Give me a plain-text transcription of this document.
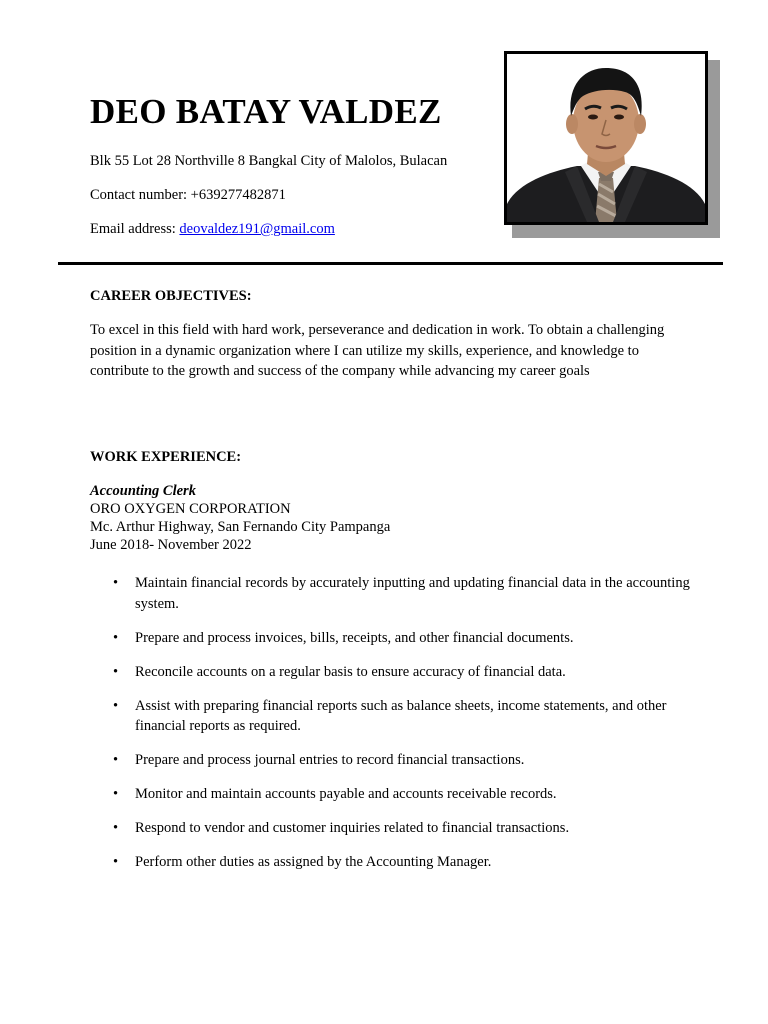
DEO BATAY VALDEZ
Blk 55 Lot 28 Northville 8 Bangkal City of Malolos, Bulacan
Contact number: +639277482871
Email address: deovaldez191@gmail.com
CAREER OBJECTIVES:
To excel in this field with hard work, perseverance and dedication in work. To obtain a challenging position in a dynamic organization where I can utilize my skills, experience, and knowledge to contribute to the growth and success of the company while advancing my career goals
WORK EXPERIENCE:
Accounting Clerk
ORO OXYGEN CORPORATION
Mc. Arthur Highway, San Fernando City Pampanga
June 2018- November 2022
• Maintain financial records by accurately inputting and updating financial data in the accounting system.
• Prepare and process invoices, bills, receipts, and other financial documents.
• Reconcile accounts on a regular basis to ensure accuracy of financial data.
• Assist with preparing financial reports such as balance sheets, income statements, and other financial reports as required.
• Prepare and process journal entries to record financial transactions.
• Monitor and maintain accounts payable and accounts receivable records.
• Respond to vendor and customer inquiries related to financial transactions.
• Perform other duties as assigned by the Accounting Manager.
